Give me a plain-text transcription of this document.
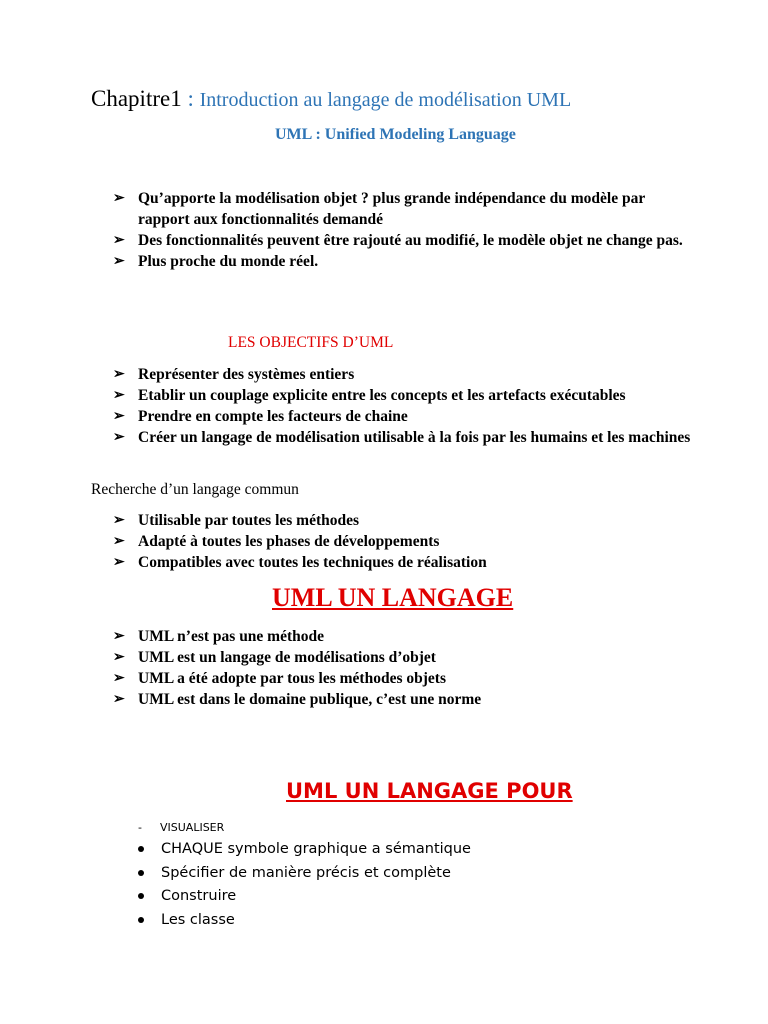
Chapitre1 : Introduction au langage de modélisation UML
UML : Unified Modeling Language
➢ Qu’apporte la modélisation objet ? plus grande indépendance du modèle par rapport aux fonctionnalités demandé
➢ Des fonctionnalités peuvent être rajouté au modifié, le modèle objet ne change pas.
➢ Plus proche du monde réel.
LES OBJECTIFS D’UML
➢ Représenter des systèmes entiers
➢ Etablir un couplage explicite entre les concepts et les artefacts exécutables
➢ Prendre en compte les facteurs de chaine
➢ Créer un langage de modélisation utilisable à la fois par les humains et les machines
Recherche d’un langage commun
➢ Utilisable par toutes les méthodes
➢ Adapté à toutes les phases de développements
➢ Compatibles avec toutes les techniques de réalisation
UML UN LANGAGE
➢ UML n’est pas une méthode
➢ UML est un langage de modélisations d’objet
➢ UML a été adopte par tous les méthodes objets
➢ UML est dans le domaine publique, c’est une norme
UML UN LANGAGE POUR
- VISUALISER
CHAQUE symbole graphique a sémantique
Spécifier de manière précis et complète
Construire
Les classe
